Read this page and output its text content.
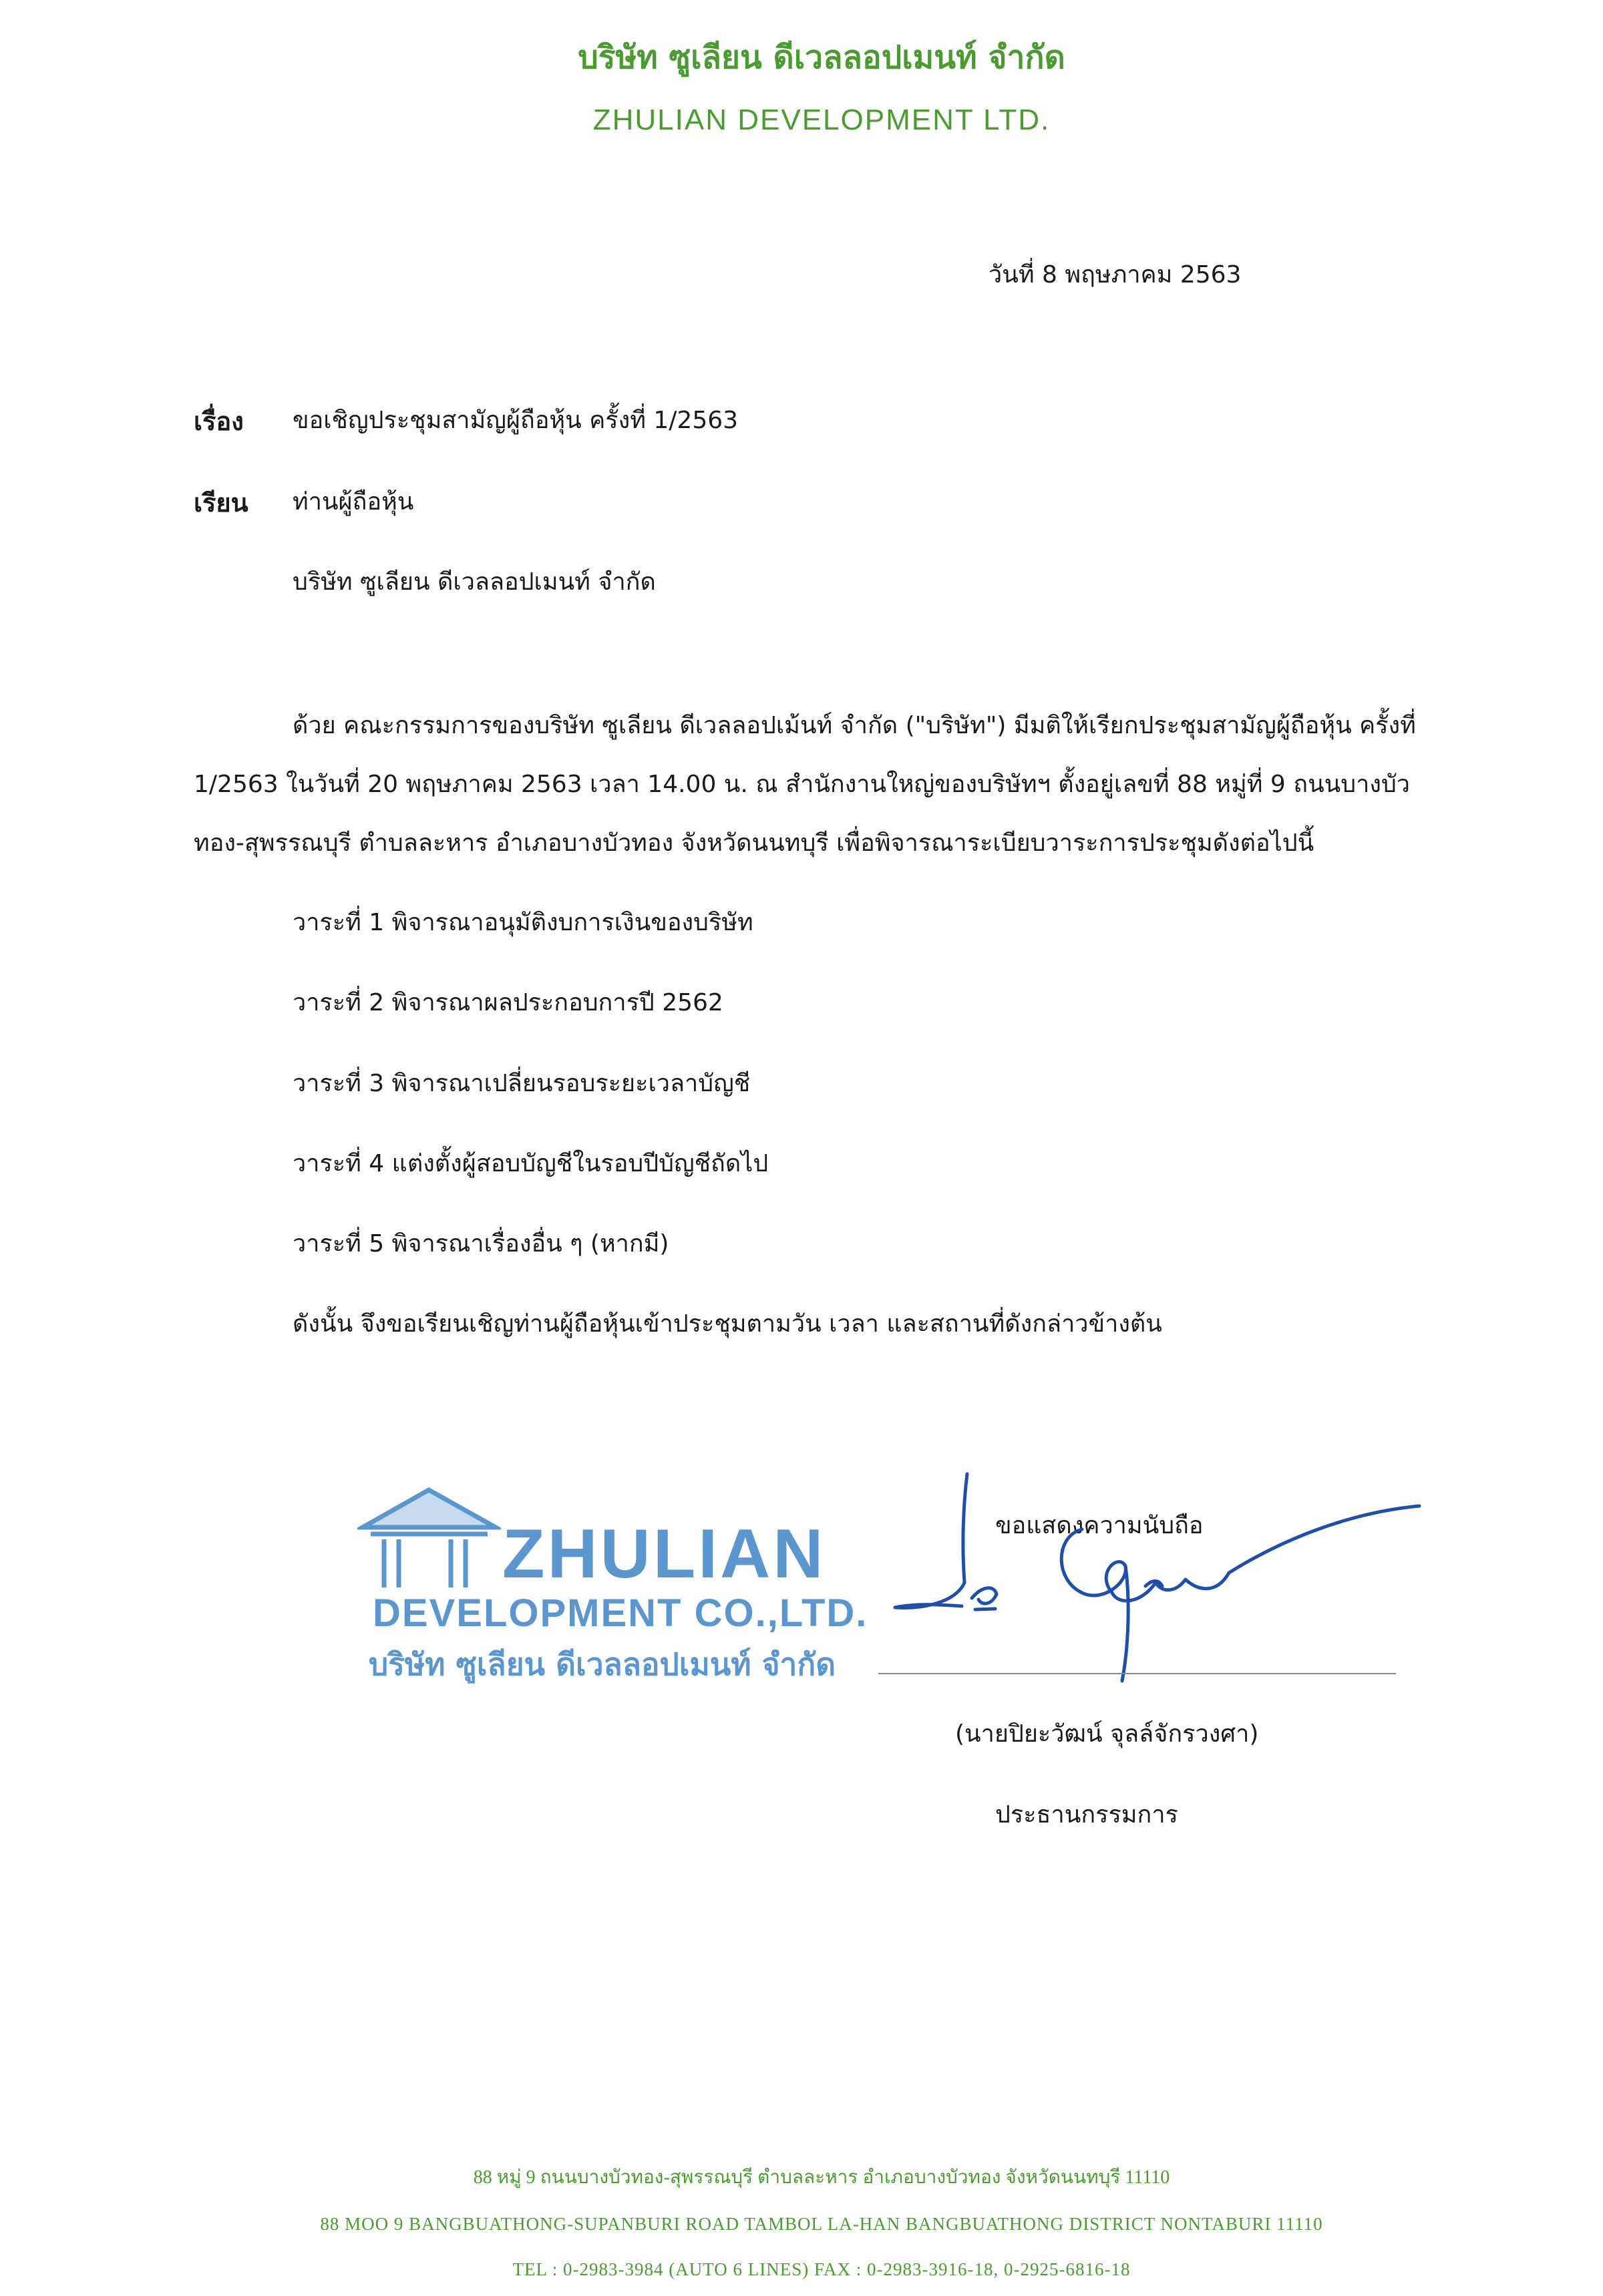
บริษัท ซูเลียน ดีเวลลอปเมนท์ จำกัด
ZHULIAN DEVELOPMENT LTD.
วันที่ 8 พฤษภาคม 2563
เรื่อง ขอเชิญประชุมสามัญผู้ถือหุ้น ครั้งที่ 1/2563
เรียน ท่านผู้ถือหุ้น
บริษัท ซูเลียน ดีเวลลอปเมนท์ จำกัด
ด้วย คณะกรรมการของบริษัท ซูเลียน ดีเวลลอปเม้นท์ จำกัด ("บริษัท") มีมติให้เรียกประชุมสามัญผู้ถือหุ้น ครั้งที่
1/2563 ในวันที่ 20 พฤษภาคม 2563 เวลา 14.00 น. ณ สำนักงานใหญ่ของบริษัทฯ ตั้งอยู่เลขที่ 88 หมู่ที่ 9 ถนนบางบัว
ทอง-สุพรรณบุรี ตำบลละหาร อำเภอบางบัวทอง จังหวัดนนทบุรี เพื่อพิจารณาระเบียบวาระการประชุมดังต่อไปนี้
วาระที่ 1 พิจารณาอนุมัติงบการเงินของบริษัท
วาระที่ 2 พิจารณาผลประกอบการปี 2562
วาระที่ 3 พิจารณาเปลี่ยนรอบระยะเวลาบัญชี
วาระที่ 4 แต่งตั้งผู้สอบบัญชีในรอบปีบัญชีถัดไป
วาระที่ 5 พิจารณาเรื่องอื่น ๆ (หากมี)
ดังนั้น จึงขอเรียนเชิญท่านผู้ถือหุ้นเข้าประชุมตามวัน เวลา และสถานที่ดังกล่าวข้างต้น
ZHULIAN
DEVELOPMENT CO.,LTD.
บริษัท ซูเลียน ดีเวลลอปเมนท์ จำกัด
ขอแสดงความนับถือ
(นายปิยะวัฒน์ จุลล์จักรวงศา)
ประธานกรรมการ
88 หมู่ 9 ถนนบางบัวทอง-สุพรรณบุรี ตำบลละหาร อำเภอบางบัวทอง จังหวัดนนทบุรี 11110
88 MOO 9 BANGBUATHONG-SUPANBURI ROAD TAMBOL LA-HAN BANGBUATHONG DISTRICT NONTABURI 11110
TEL : 0-2983-3984 (AUTO 6 LINES) FAX : 0-2983-3916-18, 0-2925-6816-18
